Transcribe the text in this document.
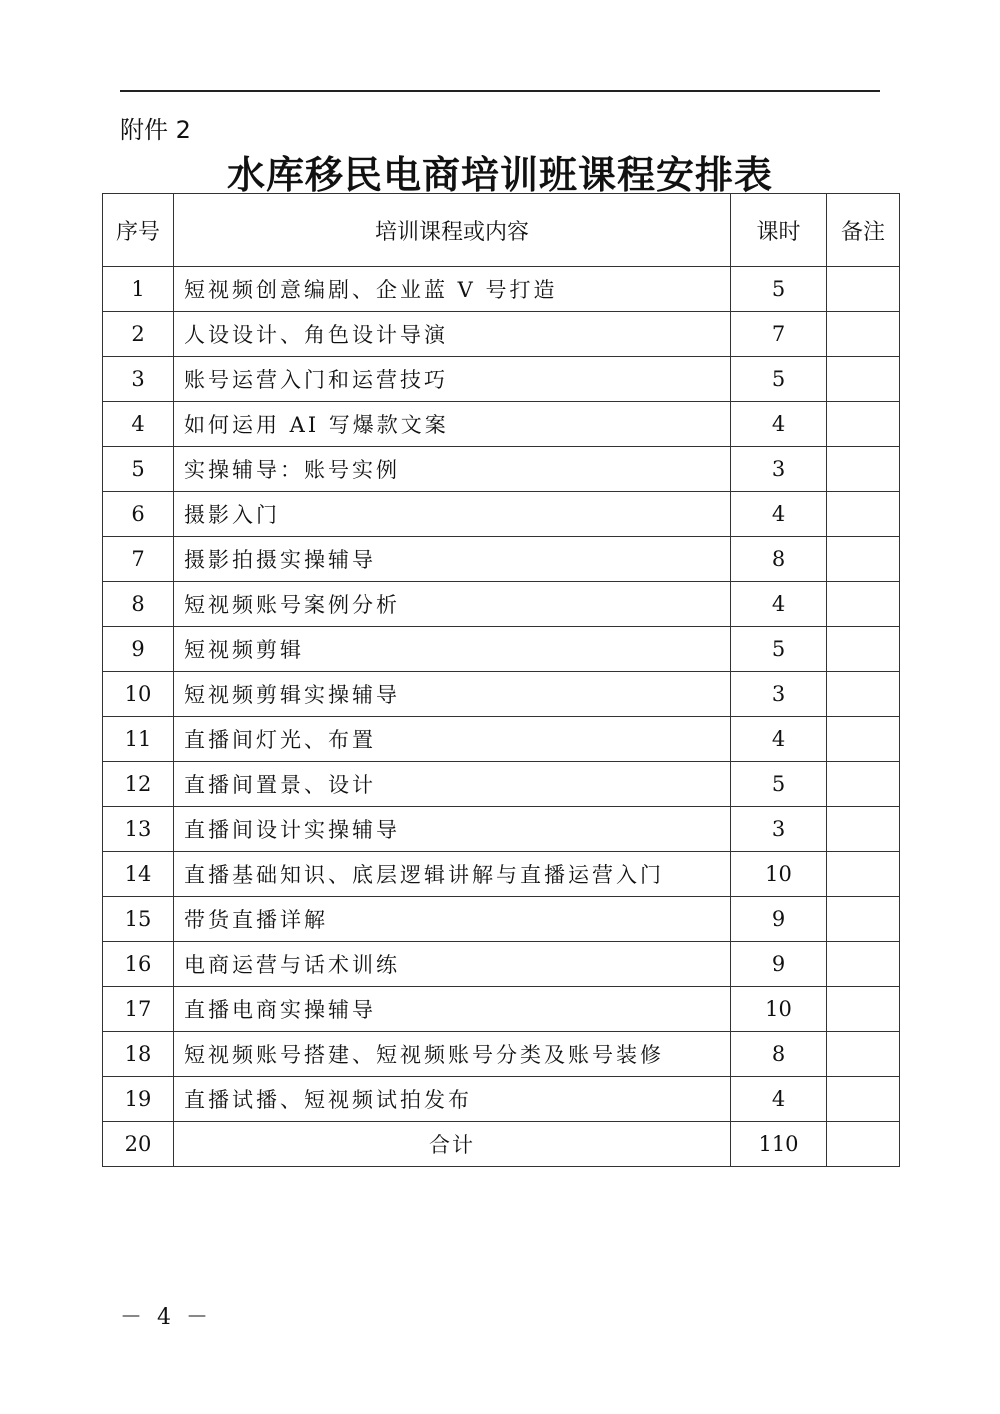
附件 2
水库移民电商培训班课程安排表
序号	培训课程或内容	课时	备注
1	短视频创意编剧、企业蓝 V 号打造	5	
2	人设设计、角色设计导演	7	
3	账号运营入门和运营技巧	5	
4	如何运用 AI 写爆款文案	4	
5	实操辅导：账号实例	3	
6	摄影入门	4	
7	摄影拍摄实操辅导	8	
8	短视频账号案例分析	4	
9	短视频剪辑	5	
10	短视频剪辑实操辅导	3	
11	直播间灯光、布置	4	
12	直播间置景、设计	5	
13	直播间设计实操辅导	3	
14	直播基础知识、底层逻辑讲解与直播运营入门	10	
15	带货直播详解	9	
16	电商运营与话术训练	9	
17	直播电商实操辅导	10	
18	短视频账号搭建、短视频账号分类及账号装修	8	
19	直播试播、短视频试拍发布	4	
20	合计	110	
－ 4 －
